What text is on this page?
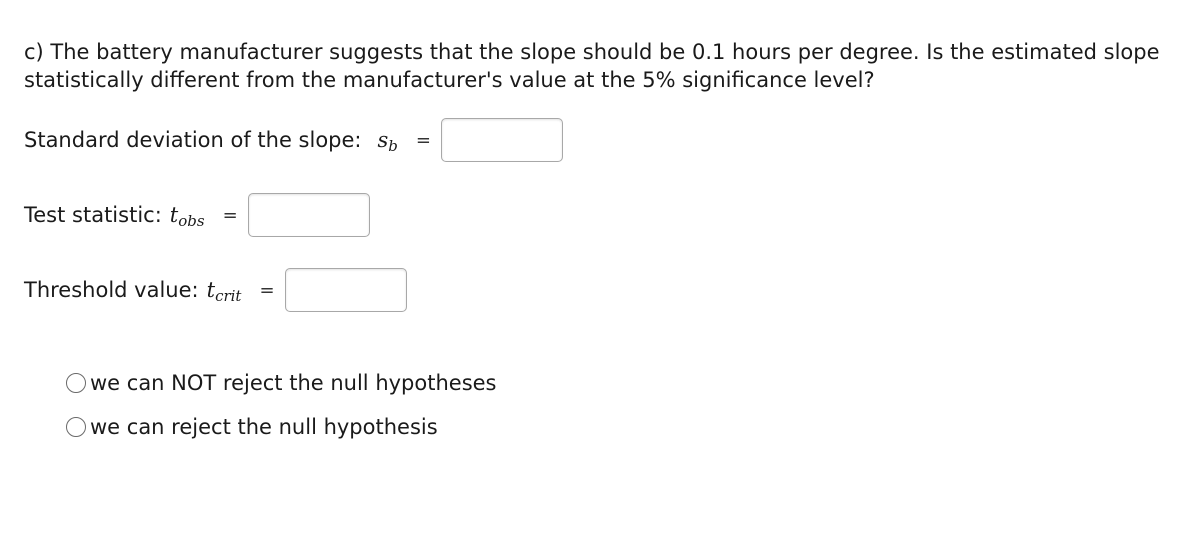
c) The battery manufacturer suggests that the slope should be 0.1 hours per degree. Is the estimated slope statistically different from the manufacturer's value at the 5% significance level?
Standard deviation of the slope: $s_b$ =
Test statistic: $t_{obs}$ =
Threshold value: $t_{crit}$ =
we can NOT reject the null hypotheses
we can reject the null hypothesis
